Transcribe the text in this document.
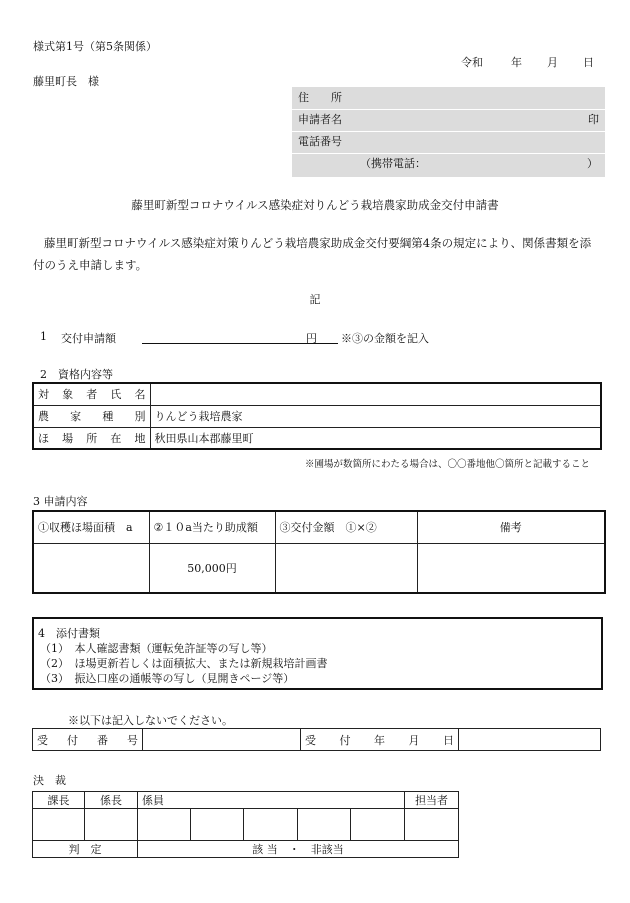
様式第1号（第5条関係）
令和	年 月 日
藤里町長　様
住　　所
申請者名	印
電話番号
（携帯電話：	）
藤里町新型コロナウイルス感染症対りんどう栽培農家助成金交付申請書
藤里町新型コロナウイルス感染症対策りんどう栽培農家助成金交付要綱第4条の規定により、関係書類を添
付のうえ申請します。
記
1 交付申請額	円 ※③の金額を記入
2　資格内容等
対 象 者 氏 名	

農 家 種 別	りんどう栽培農家

ほ 場 所 在 地	秋田県山本郡藤里町
※圃場が数箇所にわたる場合は、〇〇番地他〇箇所と記載すること
3 申請内容
①収穫ほ場面積　a	②１０a当たり助成額	③交付金額　①×②	備考
	50,000円		
4　添付書類
（1）　本人確認書類（運転免許証等の写し等）
（2）　ほ場更新若しくは面積拡大、または新規栽培計画書
（3）　振込口座の通帳等の写し（見開きページ等）
※以下は記入しないでください。
受 付 番 号		受 付 年 月 日

決　裁
課長	係長	係員					担当者

判　定		該 当　・　非該当					
